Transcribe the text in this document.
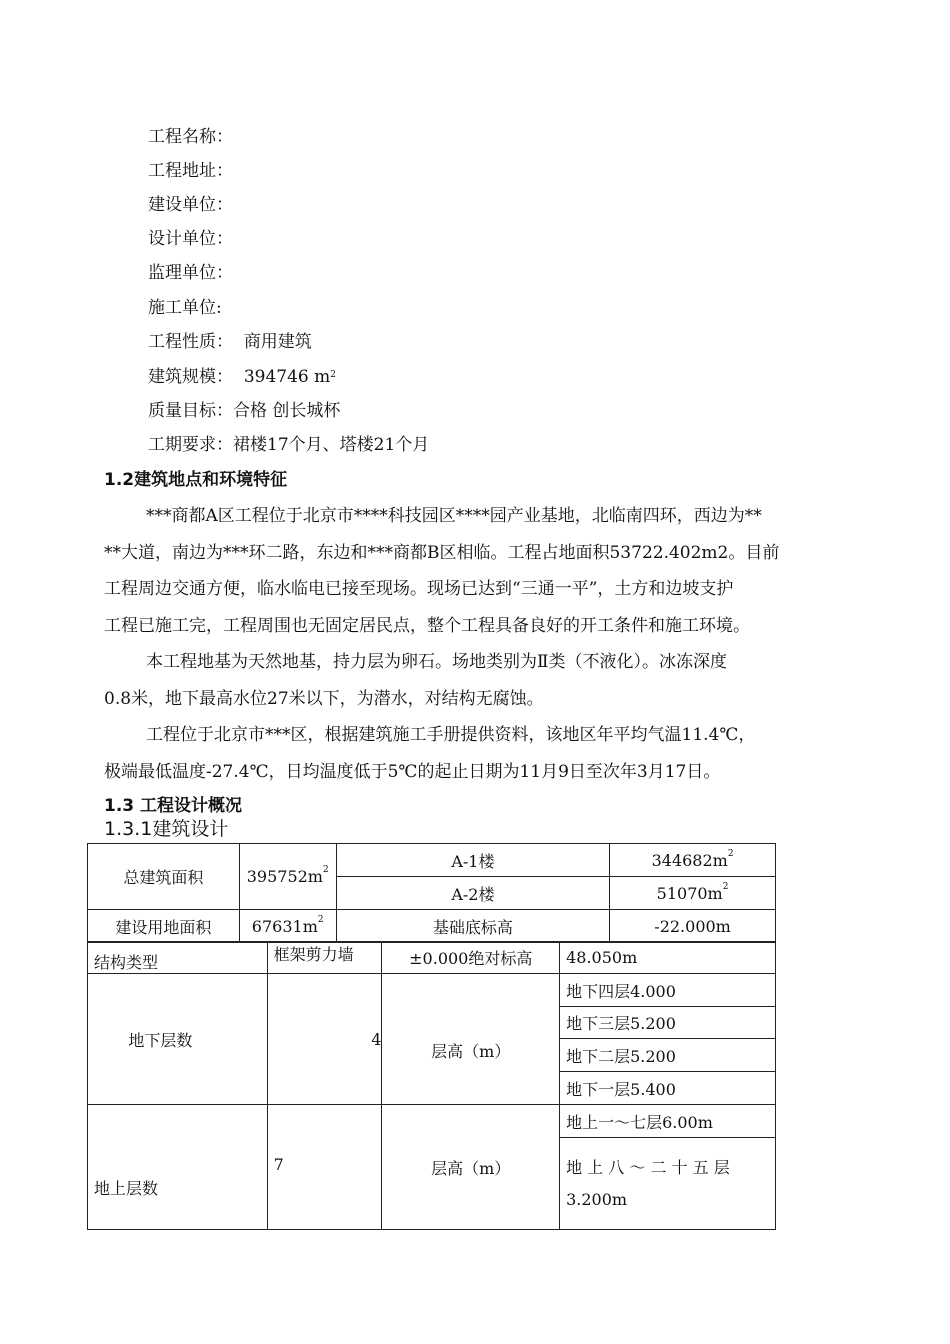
工程名称：
工程地址：
建设单位：
设计单位：
监理单位：
施工单位:
工程性质： 商用建筑
建筑规模： 394746 $m^2$
质量目标：合格 创长城杯
工期要求：裙楼17个月、塔楼21个月
1.2建筑地点和环境特征
***商都A区工程位于北京市****科技园区****园产业基地，北临南四环，西边为**
**大道，南边为***环二路，东边和***商都B区相临。工程占地面积53722.402m2。目前
工程周边交通方便，临水临电已接至现场。现场已达到“三通一平”，土方和边坡支护
工程已施工完，工程周围也无固定居民点，整个工程具备良好的开工条件和施工环境。
本工程地基为天然地基，持力层为卵石。场地类别为Ⅱ类（不液化）。冰冻深度
0.8米，地下最高水位27米以下，为潜水，对结构无腐蚀。
工程位于北京市***区，根据建筑施工手册提供资料，该地区年平均气温11.4℃，
极端最低温度-27.4℃，日均温度低于5℃的起止日期为11月9日至次年3月17日。
1.3 工程设计概况
1.3.1建筑设计
总建筑面积	$395752m^2$	A-1楼	$344682m^2$
		A-2楼	$51070m^2$
建设用地面积	$67631m^2$	基础底标高	-22.000m
结构类型	框架剪力墙	±0.000绝对标高	48.050m
地下层数	4	层高（m）	地下四层4.000
			地下三层5.200
			地下二层5.200
			地下一层5.400
地上层数	7	层高（m）	地上一～七层6.00m

			地 上 八 ～ 二 十 五 层
3.200m
